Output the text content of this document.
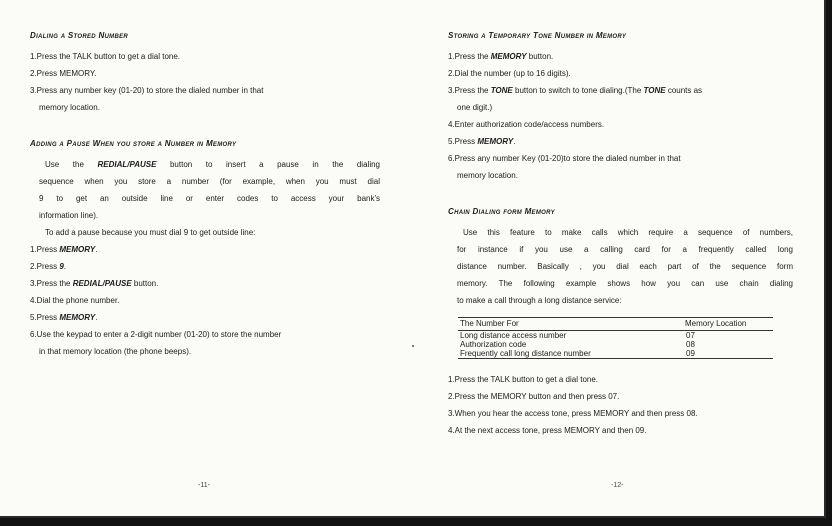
Dialing a Stored Number
1.Press the TALK button to get a dial tone.
2.Press MEMORY.
3.Press any number key (01-20) to store the dialed number in that
memory location.
Adding a Pause When you store a Number in Memory
Use the REDIAL/PAUSE button to insert a pause in the dialing
sequence when you store a number (for example, when you must dial
9 to get an outside line or enter codes to access your bank's
information line).
To add a pause because you must dial 9 to get outside line:
1.Press MEMORY.
2.Press 9.
3.Press the REDIAL/PAUSE button.
4.Dial the phone number.
5.Press MEMORY.
6.Use the keypad to enter a 2-digit number (01-20) to store the number
in that memory location (the phone beeps).
-11-
Storing a Temporary Tone Number in Memory
1.Press the MEMORY button.
2.Dial the number (up to 16 digits).
3.Press the TONE button to switch to tone dialing.(The TONE counts as
one digit.)
4.Enter authorization code/access numbers.
5.Press MEMORY.
6.Press any number Key (01-20)to store the dialed number in that
memory location.
Chain Dialing form Memory
Use this feature to make calls which require a sequence of numbers,
for instance if you use a calling card for a frequently called long
distance number. Basically , you dial each part of the sequence form
memory. The following example shows how you can use chain dialing
to make a call through a long distance service:
The Number For	Memory Location
Long distance access number	07
Authorization code	08
Frequently call long distance number	09
1.Press the TALK button to get a dial tone.
2.Press the MEMORY button and then press 07.
3.When you hear the access tone, press MEMORY and then press 08.
4.At the next access tone, press MEMORY and then 09.
-12-
